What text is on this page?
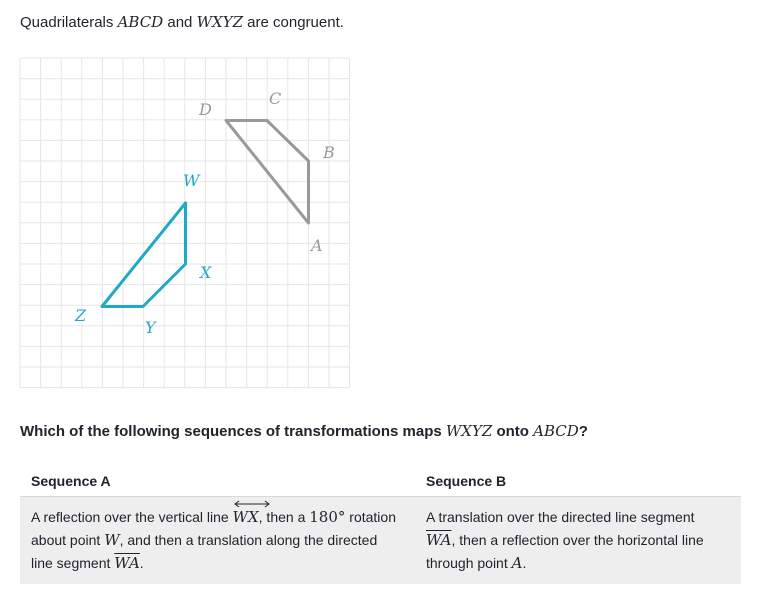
Quadrilaterals ABCD and WXYZ are congruent.
A
B
C
D
W
X
Y
Z
Which of the following sequences of transformations maps WXYZ onto ABCD?
Sequence A	Sequence B
A reflection over the vertical line WX, then a 180° rotation about point W, and then a translation along the directed line segment $\overline{WA}$.
A translation over the directed line segment $\overline{WA}$, then a reflection over the horizontal line through point A.
